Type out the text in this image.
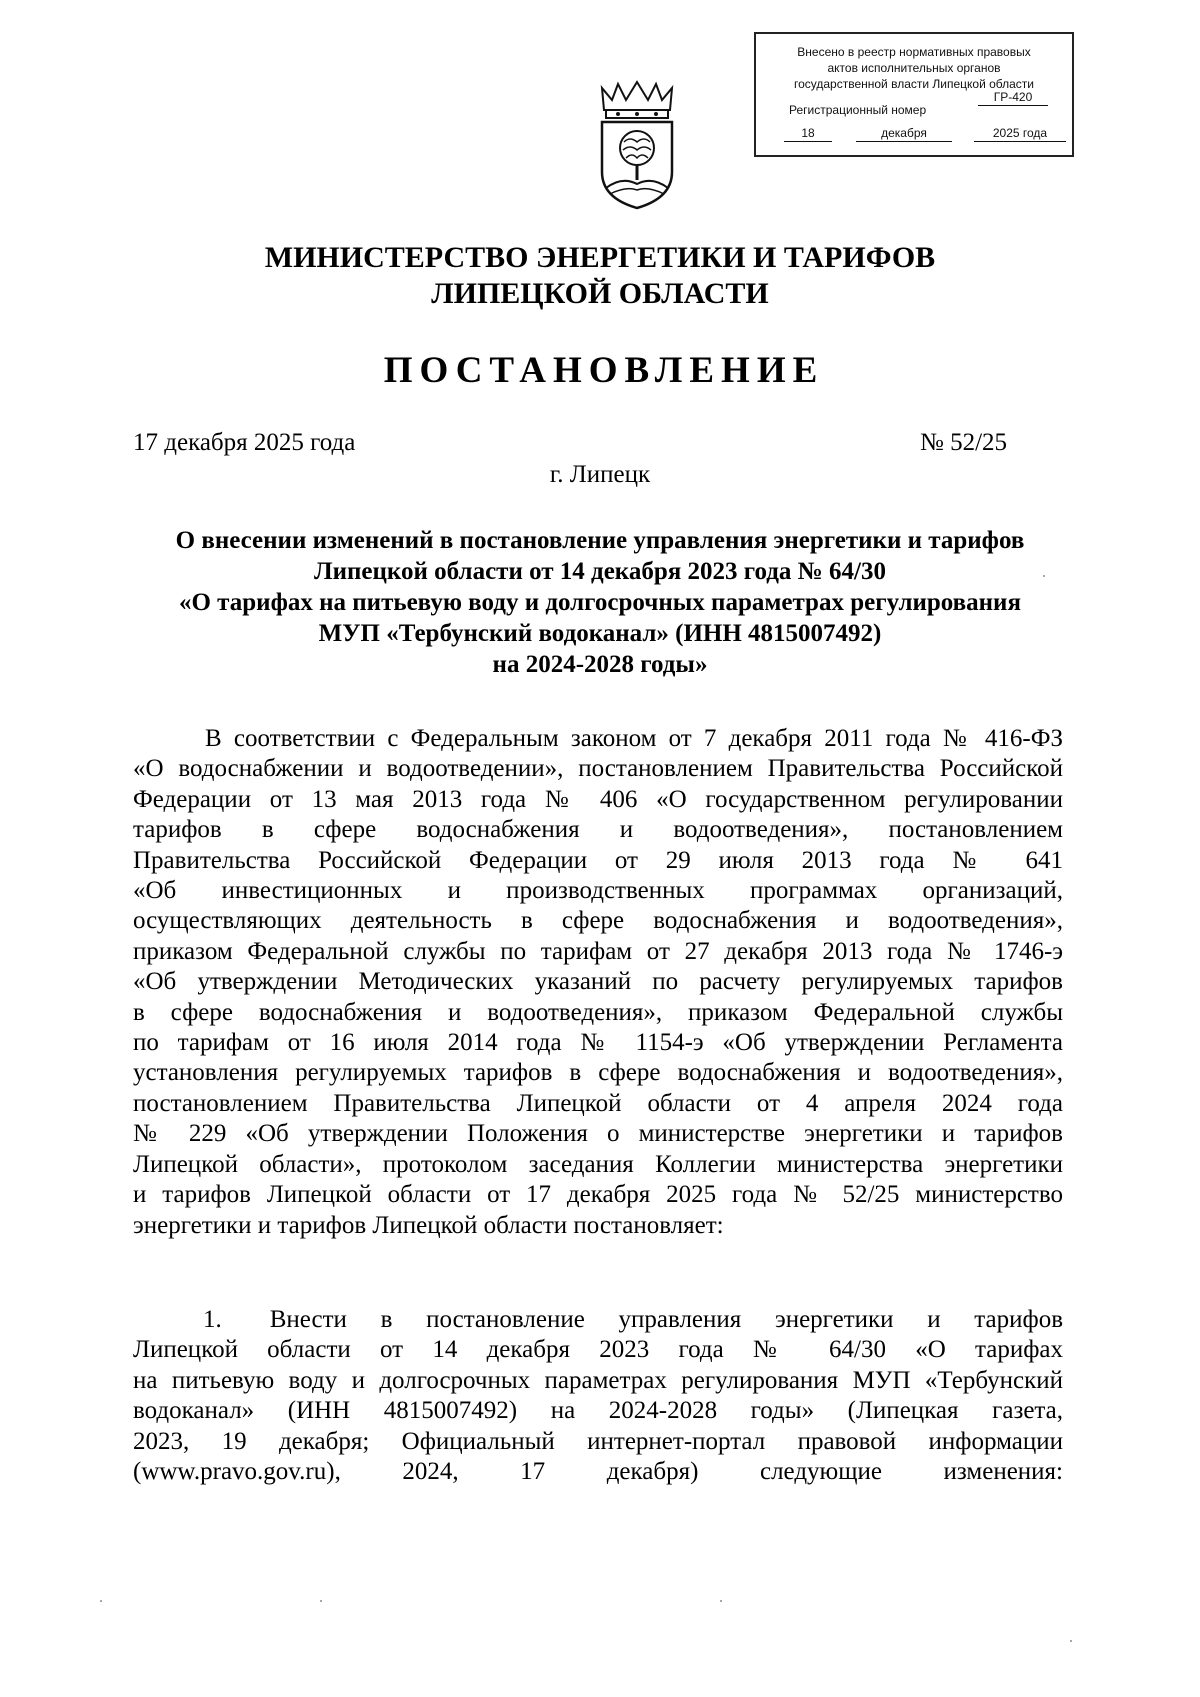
Внесено в реестр нормативных правовых
актов исполнительных органов
государственной власти Липецкой области
Регистрационный номер
ГР-420
18	декабря	2025 года
МИНИСТЕРСТВО ЭНЕРГЕТИКИ И ТАРИФОВ
ЛИПЕЦКОЙ ОБЛАСТИ
ПОСТАНОВЛЕНИЕ
17 декабря 2025 года	№ 52/25
г. Липецк
О внесении изменений в постановление управления энергетики и тарифов
Липецкой области от 14 декабря 2023 года № 64/30
«О тарифах на питьевую воду и долгосрочных параметрах регулирования
МУП «Тербунский водоканал» (ИНН 4815007492)
на 2024-2028 годы»
В соответствии с Федеральным законом от 7 декабря 2011 года № 416-ФЗ
«О водоснабжении и водоотведении», постановлением Правительства Российской
Федерации от 13 мая 2013 года № 406 «О государственном регулировании
тарифов в сфере водоснабжения и водоотведения», постановлением
Правительства Российской Федерации от 29 июля 2013 года № 641
«Об инвестиционных и производственных программах организаций,
осуществляющих деятельность в сфере водоснабжения и водоотведения»,
приказом Федеральной службы по тарифам от 27 декабря 2013 года № 1746-э
«Об утверждении Методических указаний по расчету регулируемых тарифов
в сфере водоснабжения и водоотведения», приказом Федеральной службы
по тарифам от 16 июля 2014 года № 1154-э «Об утверждении Регламента
установления регулируемых тарифов в сфере водоснабжения и водоотведения»,
постановлением Правительства Липецкой области от 4 апреля 2024 года
№ 229 «Об утверждении Положения о министерстве энергетики и тарифов
Липецкой области», протоколом заседания Коллегии министерства энергетики
и тарифов Липецкой области от 17 декабря 2025 года № 52/25 министерство
энергетики и тарифов Липецкой области постановляет:
1. Внести в постановление управления энергетики и тарифов
Липецкой области от 14 декабря 2023 года № 64/30 «О тарифах
на питьевую воду и долгосрочных параметрах регулирования МУП «Тербунский
водоканал» (ИНН 4815007492) на 2024-2028 годы» (Липецкая газета,
2023, 19 декабря; Официальный интернет-портал правовой информации
(www.pravo.gov.ru), 2024, 17 декабря) следующие изменения:
